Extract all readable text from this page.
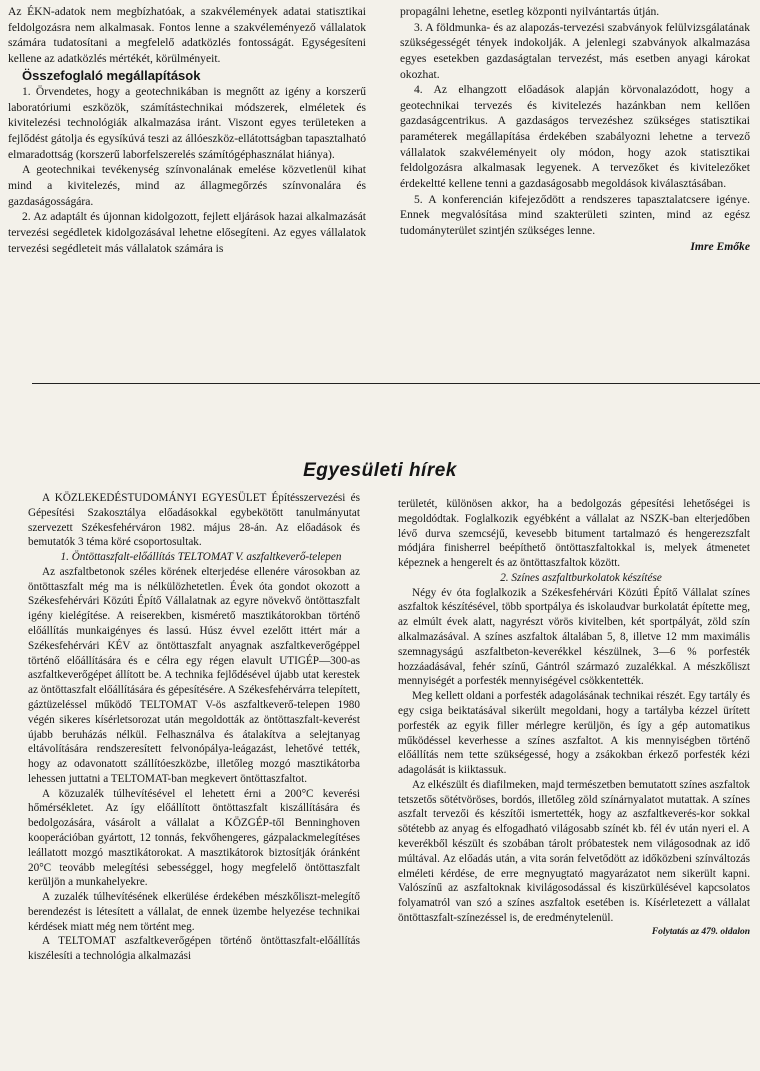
Az ÉKN-adatok nem megbízhatóak, a szakvélemények adatai statisztikai feldolgozásra nem alkalmasak. Fontos lenne a szakvéleményező vállalatok számára tudatosítani a megfelelő adatközlés fontosságát. Egységesíteni kellene az adatközlés mértékét, körülményeit.

Összefoglaló megállapítások

1. Örvendetes, hogy a geotechnikában is megnőtt az igény a korszerű laboratóriumi eszközök, számítástechnikai módszerek, elméletek és kivitelezési technológiák alkalmazása iránt. Viszont egyes területeken a fejlődést gátolja és egysíkúvá teszi az állóeszköz-ellátottságban tapasztalható elmaradottság (korszerű laborfelszerelés számítógéphasználat hiánya).

A geotechnikai tevékenység színvonalának emelése közvetlenül kihat mind a kivitelezés, mind az állagmegőrzés színvonalára és gazdaságosságára.

2. Az adaptált és újonnan kidolgozott, fejlett eljárások hazai alkalmazását tervezési segédletek kidolgozásával lehetne elősegíteni. Az egyes vállalatok tervezési segédleteit más vállalatok számára is

propagálni lehetne, esetleg központi nyilvántartás útján.

3. A földmunka- és az alapozás-tervezési szabványok felülvizsgálatának szükségességét tények indokolják. A jelenlegi szabványok alkalmazása egyes esetekben gazdaságtalan tervezést, más esetben anyagi károkat okozhat.

4. Az elhangzott előadások alapján körvonalazódott, hogy a geotechnikai tervezés és kivitelezés hazánkban nem kellően gazdaságcentrikus. A gazdaságos tervezéshez szükséges statisztikai paraméterek megállapítása érdekében szabályozni lehetne a tervező vállalatok szakvéleményeit oly módon, hogy azok statisztikai feldolgozásra alkalmasak legyenek. A tervezőket és kivitelezőket érdekeltté kellene tenni a gazdaságosabb megoldások kiválasztásában.

5. A konferencián kifejeződött a rendszeres tapasztalatcsere igénye. Ennek megvalósítása mind szakterületi szinten, mind az egész tudományterület szintjén szükséges lenne.

Imre Emőke

Egyesületi hírek

A KÖZLEKEDÉSTUDOMÁNYI EGYESÜLET Építésszervezési és Gépesítési Szakosztálya előadásokkal egybekötött tanulmányutat szervezett Székesfehérváron 1982. május 28-án. Az előadások és bemutatók 3 téma köré csoportosultak.

1. Öntöttaszfalt-előállítás TELTOMAT V. aszfaltkeverő-telepen

Az aszfaltbetonok széles körének elterjedése ellenére városokban az öntöttaszfalt még ma is nélkülözhetetlen. Évek óta gondot okozott a Székesfehérvári Közúti Építő Vállalatnak az egyre növekvő öntöttaszfalt igény kielégítése. A reiserekben, kismérető masztikátorokban történő előállítás munkaigényes és lassú. Húsz évvel ezelőtt ittért már a Székesfehérvári KÉV az öntöttaszfalt anyagnak aszfaltkeverőgéppel történő előállítására és e célra egy régen elavult UTIGÉP—300-as aszfaltkeverőgépet állított be. A technika fejlődésével újabb utat kerestek az öntöttaszfalt előállítására és gépesítésére. A Székesfehérvárra telepített, gáztüzeléssel működő TELTOMAT V-ös aszfaltkeverő-telepen 1980 végén sikeres kísérletsorozat után megoldották az öntöttaszfalt-keverést újabb beruházás nélkül. Felhasználva és átalakítva a selejtanyag eltávolítására rendszeresített felvonópálya-leágazást, lehetővé tették, hogy az odavonatott szállítóeszközbe, illetőleg mozgó masztikátorba lehessen juttatni a TELTOMAT-ban megkevert öntöttaszfaltot.

A közuzalék túlhevítésével el lehetett érni a 200°C keverési hőmérsékletet. Az így előállított öntöttaszfalt kiszállítására és bedolgozására, vásárolt a vállalat a KÖZGÉP-től Benninghoven kooperációban gyártott, 12 tonnás, fekvőhengeres, gázpalackmelegítéses leállatott mozgó masztikátorokat. A masztikátorok biztosítják óránként 20°C teovább melegítési sebességgel, hogy megfelelő öntöttaszfalt kerüljön a munkahelyekre.

A zuzalék túlhevítésének elkerülése érdekében mészkőliszt-melegítő berendezést is létesített a vállalat, de ennek üzembe helyezése technikai kérdések miatt még nem történt meg.

A TELTOMAT aszfaltkeverőgépen történő öntöttaszfalt-előállítás kiszélesíti a technológia alkalmazási

területét, különösen akkor, ha a bedolgozás gépesítési lehetőségei is megoldódtak. Foglalkozik egyébként a vállalat az NSZK-ban elterjedőben lévő durva szemcséjű, kevesebb bitument tartalmazó és hengerezszfalt módjára finisherrel beépíthető öntöttaszfaltokkal is, melyek átmenetet képeznek a hengerelt és az öntöttaszfaltok között.

2. Színes aszfaltburkolatok készítése

Négy év óta foglalkozik a Székesfehérvári Közúti Építő Vállalat színes aszfaltok készítésével, több sportpálya és iskolaudvar burkolatát építette meg, az elmúlt évek alatt, nagyrészt vörös kivitelben, két sportpályát, zöld szín alkalmazásával. A színes aszfaltok általában 5, 8, illetve 12 mm maximális szemnagyságú aszfaltbeton-keverékkel készülnek, 3—6 % porfesték hozzáadásával, fehér színű, Gántról származó zuzalékkal. A mészkőliszt mennyiségét a porfesték mennyiségével csökkentették.

Meg kellett oldani a porfesték adagolásának technikai részét. Egy tartály és egy csiga beiktatásával sikerült megoldani, hogy a tartályba kézzel ürített porfesték az egyik filler mérlegre kerüljön, és így a gép automatikus működéssel keverhesse a színes aszfaltot. A kis mennyiségben történő előállítás nem tette szükségessé, hogy a zsákokban érkező porfesték kézi adagolását is kiiktassuk.

Az elkészült és diafilmeken, majd természetben bemutatott színes aszfaltok tetszetős sötétvöröses, bordós, illetőleg zöld színárnyalatot mutattak. A színes aszfalt tervezői és készítői ismertették, hogy az aszfaltkeverés-kor sokkal sötétebb az anyag és elfogadható világosabb színét kb. fél év után nyeri el. A keverékből készült és szobában tárolt próbatestek nem világosodnak az idő múltával. Az előadás után, a vita során felvetődött az időközbeni színváltozás elméleti kérdése, de erre megnyugtató magyarázatot nem sikerült kapni. Valószínű az aszfaltoknak kivilágosodással és kiszürkülésével kapcsolatos folyamatról van szó a színes aszfaltok esetében is. Kísérletezett a vállalat öntöttaszfalt-színezéssel is, de eredménytelenül.

Folytatás az 479. oldalon
